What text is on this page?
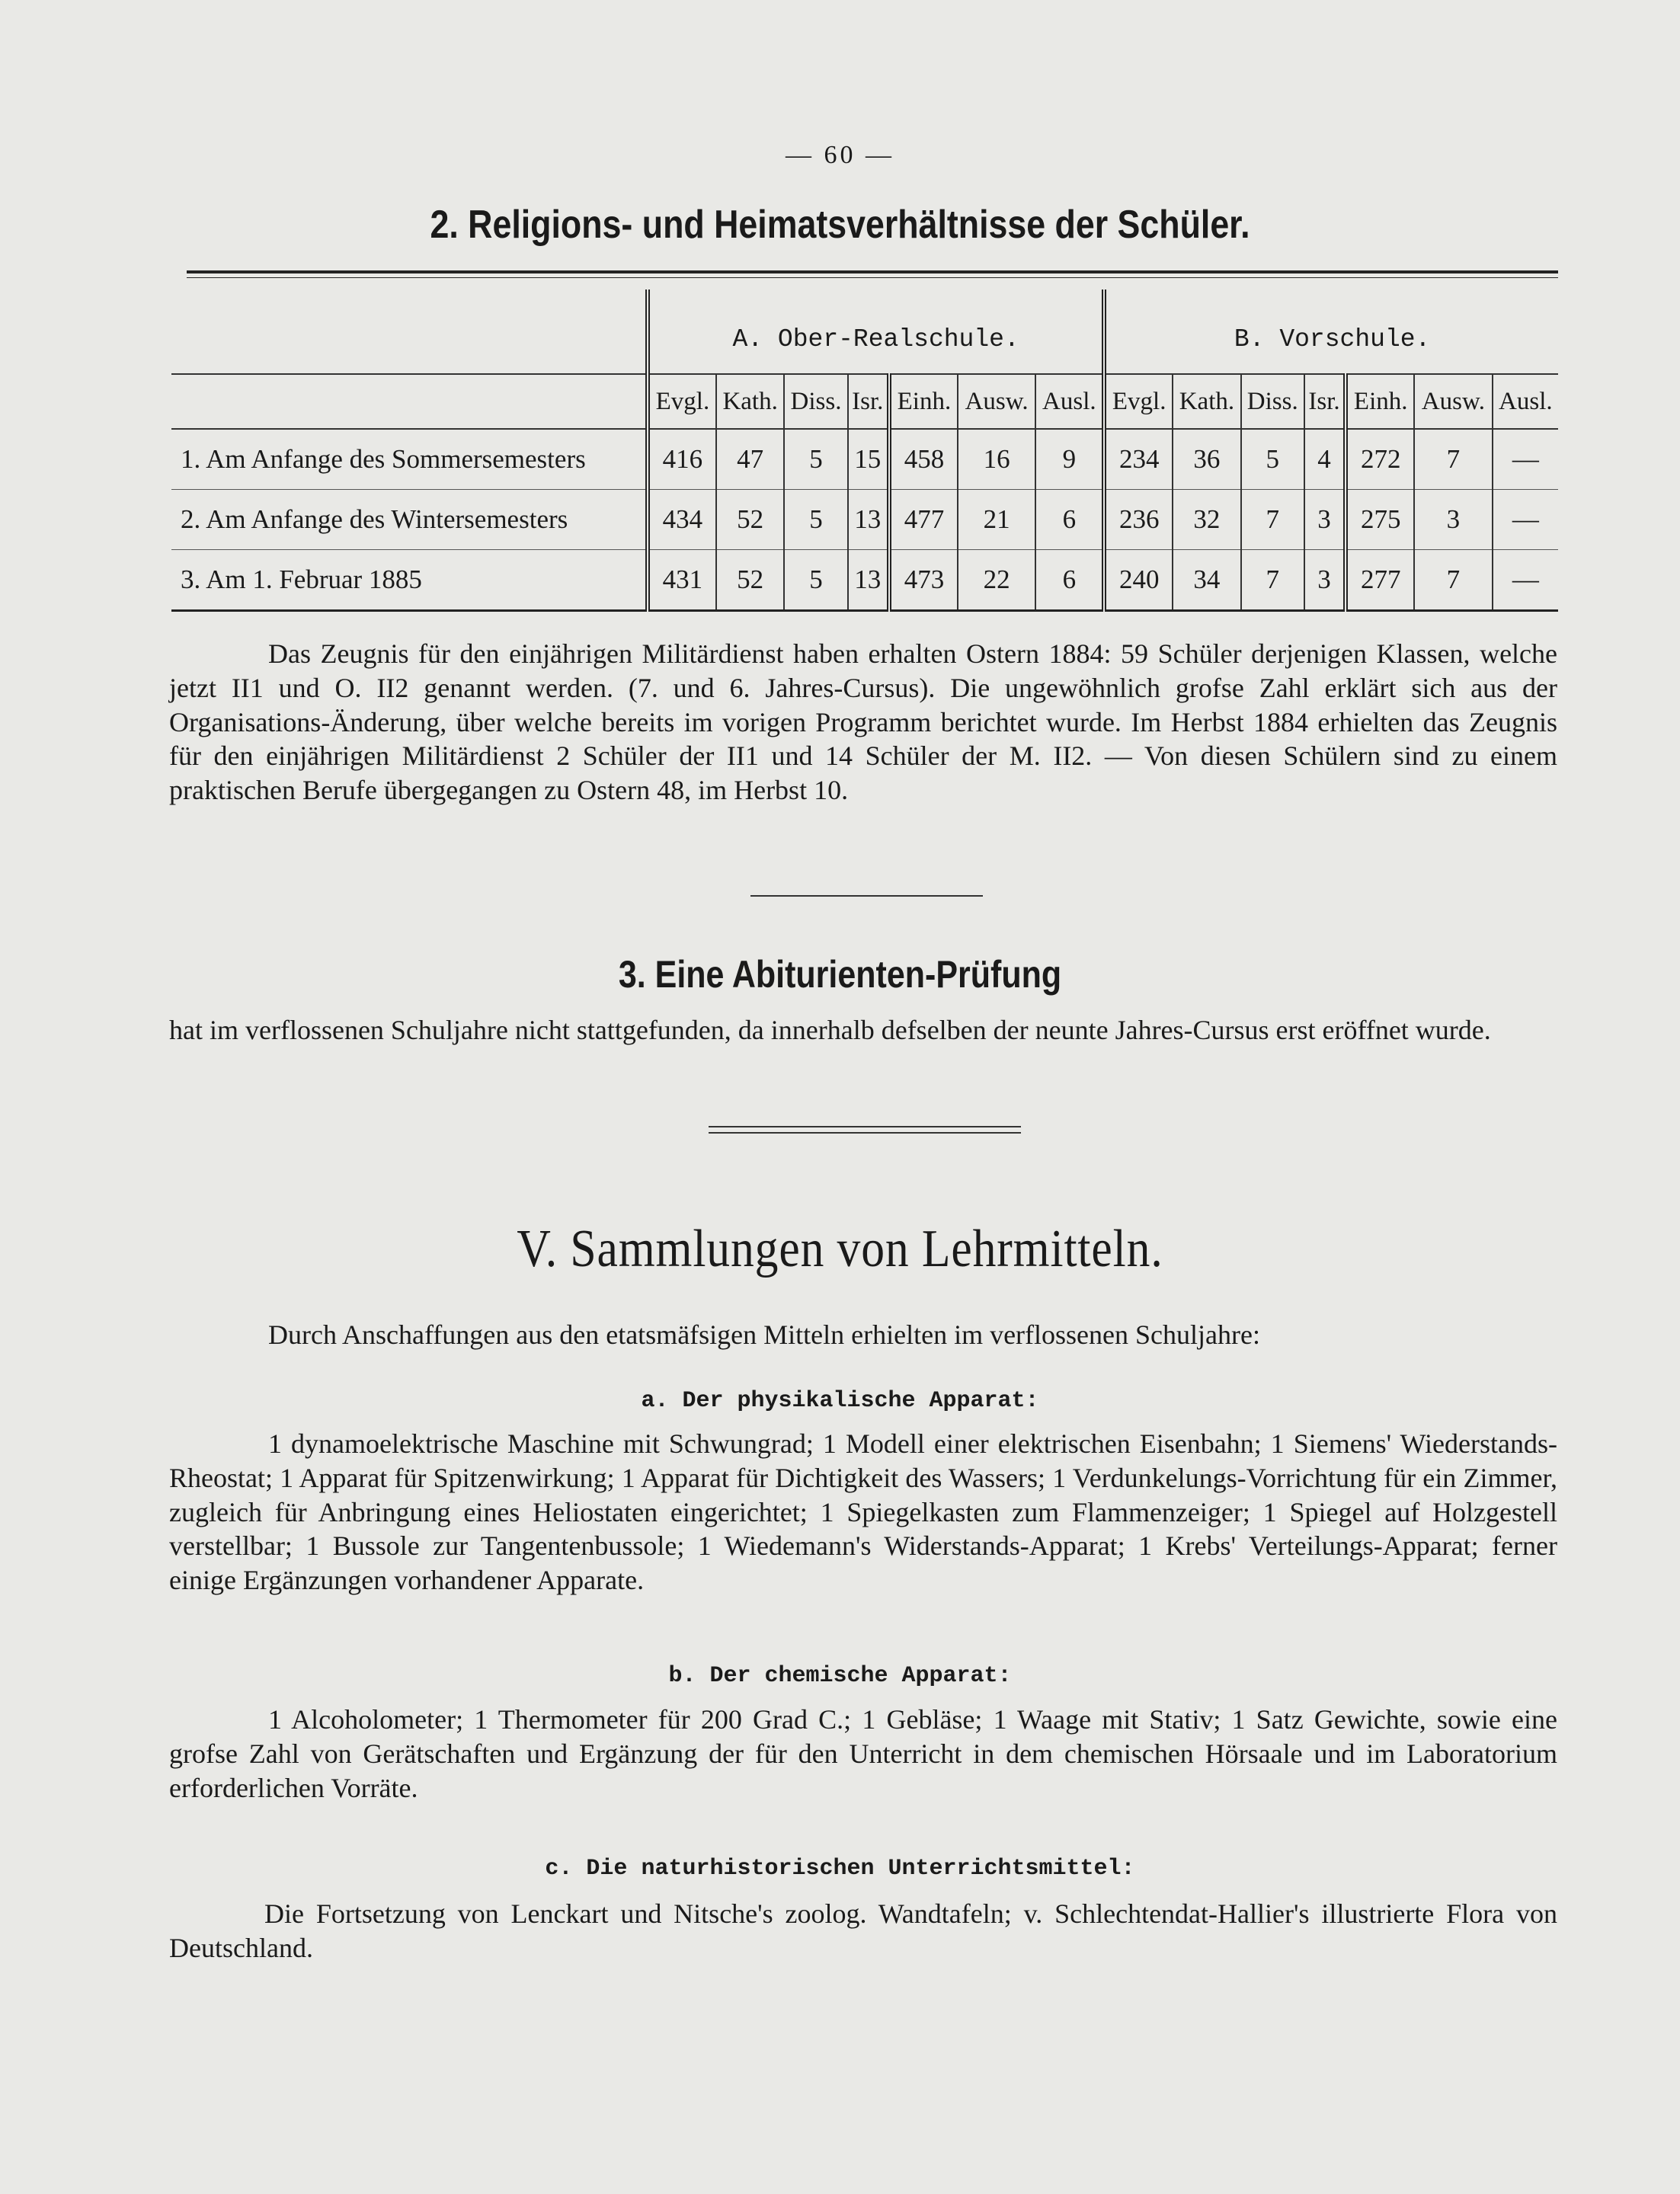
— 60 —
2. Religions- und Heimatsverhältnisse der Schüler.
	A. Ober-Realschule.							B. Vorschule.						
	Evgl.	Kath.	Diss.	Isr.	Einh.	Ausw.	Ausl.	Evgl.	Kath.	Diss.	Isr.	Einh.	Ausw.	Ausl.
1. Am Anfange des Sommersemesters	416	47	5	15	458	16	9	234	36	5	4	272	7	—
2. Am Anfange des Wintersemesters	434	52	5	13	477	21	6	236	32	7	3	275	3	—
3. Am 1. Februar 1885	431	52	5	13	473	22	6	240	34	7	3	277	7	—
Das Zeugnis für den einjährigen Militärdienst haben erhalten Ostern 1884: 59 Schüler derjenigen Klassen, welche jetzt II1 und O. II2 genannt werden. (7. und 6. Jahres-Cursus). Die ungewöhnlich grofse Zahl erklärt sich aus der Organisations-Änderung, über welche bereits im vorigen Programm berichtet wurde. Im Herbst 1884 erhielten das Zeugnis für den einjährigen Militärdienst 2 Schüler der II1 und 14 Schüler der M. II2. — Von diesen Schülern sind zu einem praktischen Berufe übergegangen zu Ostern 48, im Herbst 10.
3. Eine Abiturienten-Prüfung
hat im verflossenen Schuljahre nicht stattgefunden, da innerhalb defselben der neunte Jahres-Cursus erst eröffnet wurde.
V. Sammlungen von Lehrmitteln.
Durch Anschaffungen aus den etatsmäfsigen Mitteln erhielten im verflossenen Schuljahre:
a. Der physikalische Apparat:
1 dynamoelektrische Maschine mit Schwungrad; 1 Modell einer elektrischen Eisenbahn; 1 Siemens' Wiederstands-Rheostat; 1 Apparat für Spitzenwirkung; 1 Apparat für Dichtigkeit des Wassers; 1 Verdunkelungs-Vorrichtung für ein Zimmer, zugleich für Anbringung eines Heliostaten eingerichtet; 1 Spiegelkasten zum Flammenzeiger; 1 Spiegel auf Holzgestell verstellbar; 1 Bussole zur Tangentenbussole; 1 Wiedemann's Widerstands-Apparat; 1 Krebs' Verteilungs-Apparat; ferner einige Ergänzungen vorhandener Apparate.
b. Der chemische Apparat:
1 Alcoholometer; 1 Thermometer für 200 Grad C.; 1 Gebläse; 1 Waage mit Stativ; 1 Satz Gewichte, sowie eine grofse Zahl von Gerätschaften und Ergänzung der für den Unterricht in dem chemischen Hörsaale und im Laboratorium erforderlichen Vorräte.
c. Die naturhistorischen Unterrichtsmittel:
Die Fortsetzung von Lenckart und Nitsche's zoolog. Wandtafeln; v. Schlechtendat-Hallier's illustrierte Flora von Deutschland.
